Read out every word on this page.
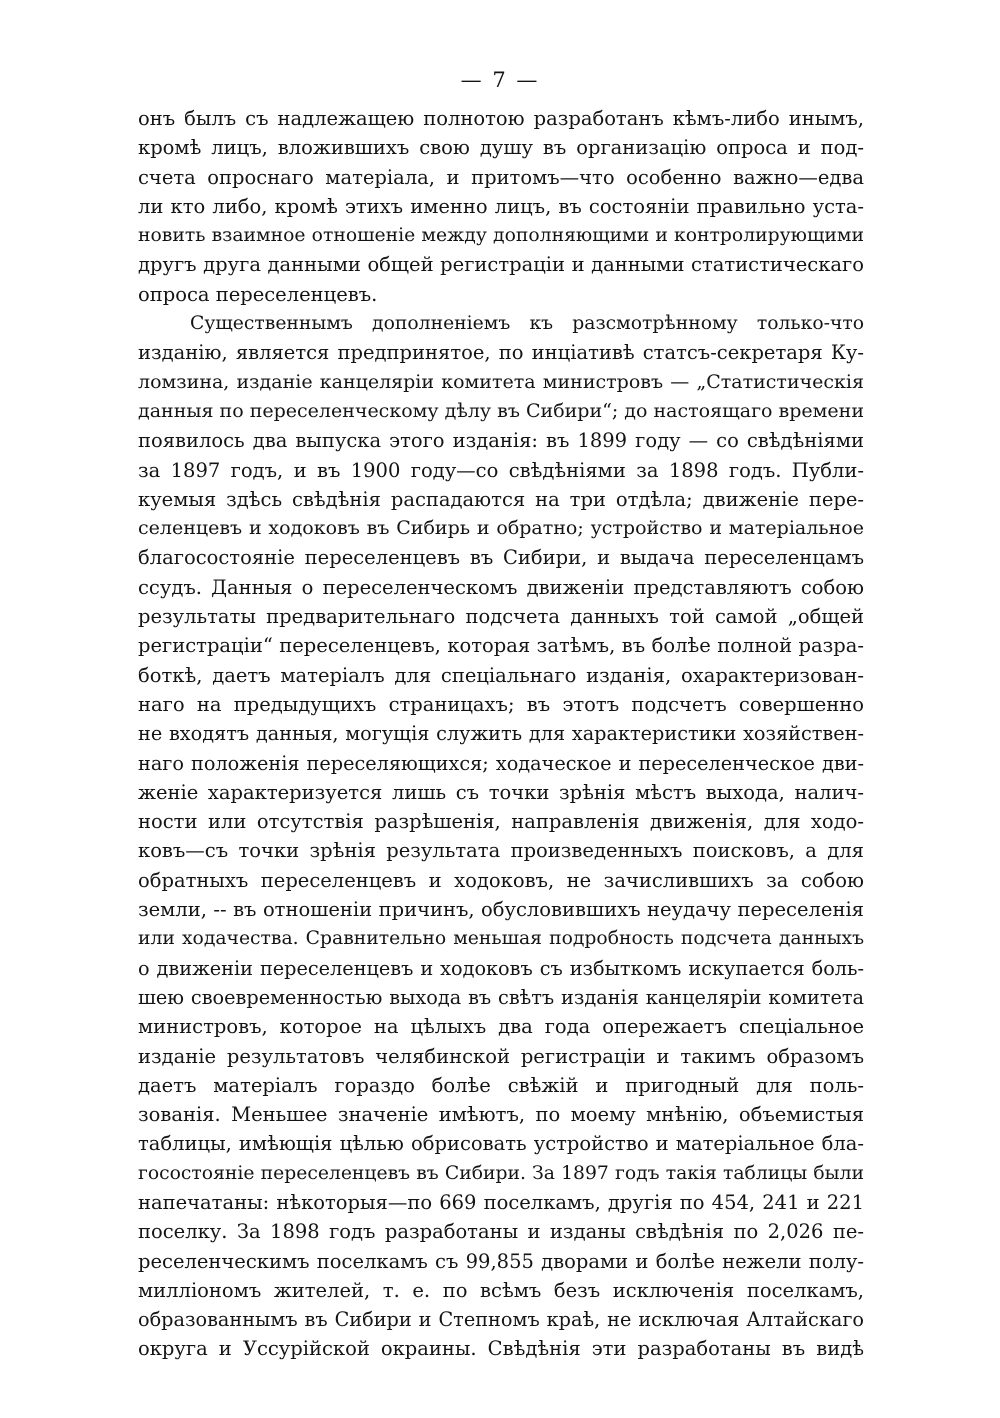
— 7 —
онъ былъ съ надлежащею полнотою разработанъ кѣмъ-либо инымъ,
кромѣ лицъ, вложившихъ свою душу въ организацію опроса и под-
счета опроснаго матеріала, и притомъ—что особенно важно—едва
ли кто либо, кромѣ этихъ именно лицъ, въ состояніи правильно уста-
новить взаимное отношеніе между дополняющими и контролирующими
другъ друга данными общей регистраціи и данными статистическаго
опроса переселенцевъ.
Существеннымъ дополненіемъ къ разсмотрѣнному только-что
изданію, является предпринятое, по инціативѣ статсъ-секретаря Ку-
ломзина, изданіе канцеляріи комитета министровъ — „Статистическія
данныя по переселенческому дѣлу въ Сибири“; до настоящаго времени
появилось два выпуска этого изданія: въ 1899 году — со свѣдѣніями
за 1897 годъ, и въ 1900 году—со свѣдѣніями за 1898 годъ. Публи-
куемыя здѣсь свѣдѣнія распадаются на три отдѣла; движеніе пере-
селенцевъ и ходоковъ въ Сибирь и обратно; устройство и матеріальное
благосостояніе переселенцевъ въ Сибири, и выдача переселенцамъ
ссудъ. Данныя о переселенческомъ движеніи представляютъ собою
результаты предварительнаго подсчета данныхъ той самой „общей
регистраціи“ переселенцевъ, которая затѣмъ, въ болѣе полной разра-
боткѣ, даетъ матеріалъ для спеціальнаго изданія, охарактеризован-
наго на предыдущихъ страницахъ; въ этотъ подсчетъ совершенно
не входятъ данныя, могущія служить для характеристики хозяйствен-
наго положенія переселяющихся; ходаческое и переселенческое дви-
женіе характеризуется лишь съ точки зрѣнія мѣстъ выхода, налич-
ности или отсутствія разрѣшенія, направленія движенія, для ходо-
ковъ—съ точки зрѣнія результата произведенныхъ поисковъ, а для
обратныхъ переселенцевъ и ходоковъ, не зачислившихъ за собою
земли, -- въ отношеніи причинъ, обусловившихъ неудачу переселенія
или ходачества. Сравнительно меньшая подробность подсчета данныхъ
о движеніи переселенцевъ и ходоковъ съ избыткомъ искупается боль-
шею своевременностью выхода въ свѣтъ изданія канцеляріи комитета
министровъ, которое на цѣлыхъ два года опережаетъ спеціальное
изданіе результатовъ челябинской регистраціи и такимъ образомъ
даетъ матеріалъ гораздо болѣе свѣжій и пригодный для поль-
зованія. Меньшее значеніе имѣютъ, по моему мнѣнію, объемистыя
таблицы, имѣющія цѣлью обрисовать устройство и матеріальное бла-
госостояніе переселенцевъ въ Сибири. За 1897 годъ такія таблицы были
напечатаны: нѣкоторыя—по 669 поселкамъ, другія по 454, 241 и 221
поселку. За 1898 годъ разработаны и изданы свѣдѣнія по 2,026 пе-
реселенческимъ поселкамъ съ 99,855 дворами и болѣе нежели полу-
милліономъ жителей, т. е. по всѣмъ безъ исключенія поселкамъ,
образованнымъ въ Сибири и Степномъ краѣ, не исключая Алтайскаго
округа и Уссурійской окраины. Свѣдѣнія эти разработаны въ видѣ
